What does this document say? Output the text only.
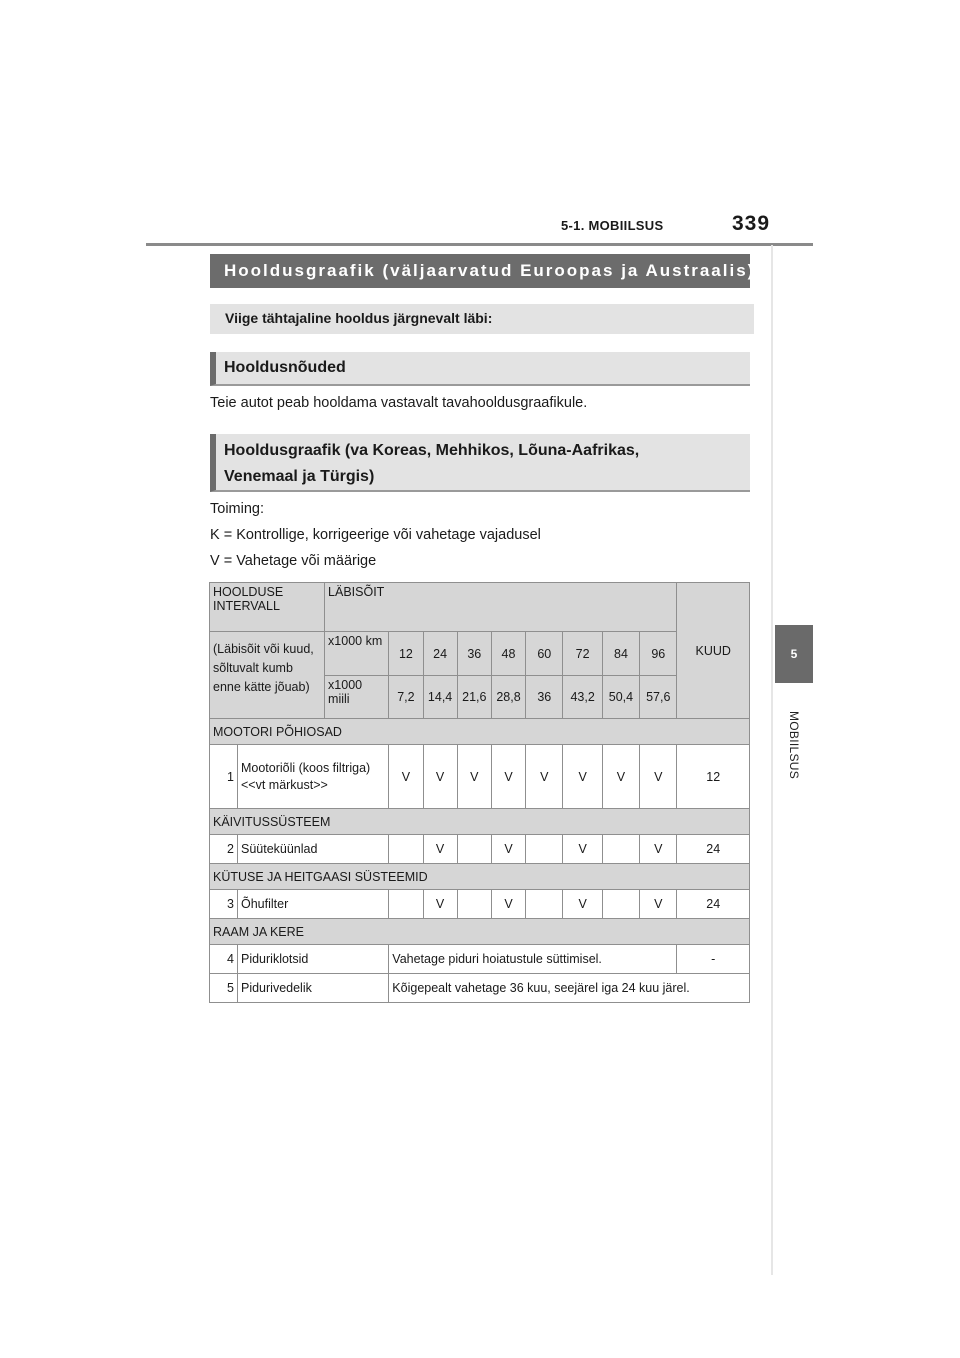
5-1. MOBIILSUS	339
5
MOBIILSUS
Hooldusgraafik (väljaarvatud Euroopas ja Austraalis)
Viige tähtajaline hooldus järgnevalt läbi:
Hooldusnõuded
Teie autot peab hooldama vastavalt tavahooldusgraafikule.
Hooldusgraafik (va Koreas, Mehhikos, Lõuna-Aafrikas,
Venemaal ja Türgis)
Toiming:
K = Kontrollige, korrigeerige või vahetage vajadusel
V = Vahetage või määrige
HOOLDUSE INTERVALL		LÄBISÕIT									KUUD
(Läbisõit või kuud, sõltuvalt kumb enne kätte jõuab)		x1000 km	12	24	36	48	60	72	84	96	
		x1000 miili	7,2	14,4	21,6	28,8	36	43,2	50,4	57,6	
MOOTORI PÕHIOSAD											
1	Mootoriõli (koos filtriga) <<vt märkust>>		V	V	V	V	V	V	V	V	12
KÄIVITUSSÜSTEEM											
2	Süüteküünlad			V		V		V		V	24
KÜTUSE JA HEITGAASI SÜSTEEMID											
3	Õhufilter			V		V		V		V	24
RAAM JA KERE											
4	Piduriklotsid		Vahetage piduri hoiatustule süttimisel.								-
5	Pidurivedelik		Kõigepealt vahetage 36 kuu, seejärel iga 24 kuu järel.								
